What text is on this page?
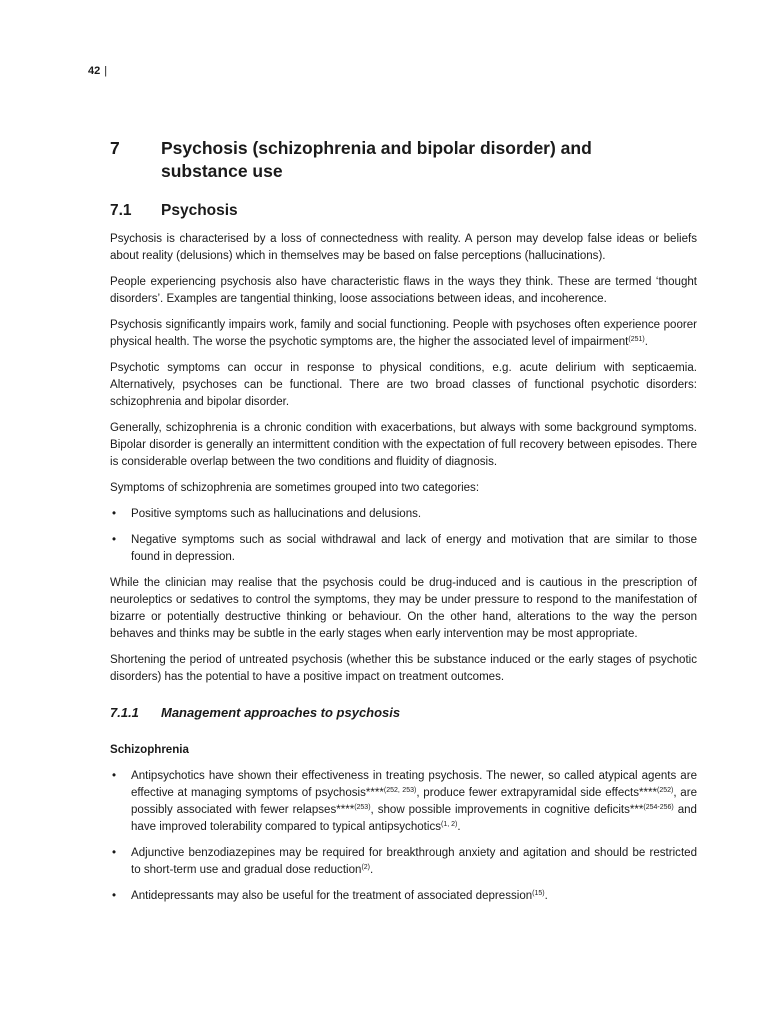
42 |
7 Psychosis (schizophrenia and bipolar disorder) and substance use
7.1 Psychosis

Psychosis is characterised by a loss of connectedness with reality. A person may develop false ideas or beliefs about reality (delusions) which in themselves may be based on false perceptions (hallucinations).

People experiencing psychosis also have characteristic flaws in the ways they think. These are termed ‘thought disorders’. Examples are tangential thinking, loose associations between ideas, and incoherence.

Psychosis significantly impairs work, family and social functioning. People with psychoses often experience poorer physical health. The worse the psychotic symptoms are, the higher the associated level of impairment$^{(251)}$.

Psychotic symptoms can occur in response to physical conditions, e.g. acute delirium with septicaemia. Alternatively, psychoses can be functional. There are two broad classes of functional psychotic disorders: schizophrenia and bipolar disorder.

Generally, schizophrenia is a chronic condition with exacerbations, but always with some background symptoms. Bipolar disorder is generally an intermittent condition with the expectation of full recovery between episodes. There is considerable overlap between the two conditions and fluidity of diagnosis.

Symptoms of schizophrenia are sometimes grouped into two categories:

• Positive symptoms such as hallucinations and delusions.

• Negative symptoms such as social withdrawal and lack of energy and motivation that are similar to those found in depression.

While the clinician may realise that the psychosis could be drug-induced and is cautious in the prescription of neuroleptics or sedatives to control the symptoms, they may be under pressure to respond to the manifestation of bizarre or potentially destructive thinking or behaviour. On the other hand, alterations to the way the person behaves and thinks may be subtle in the early stages when early intervention may be most appropriate.

Shortening the period of untreated psychosis (whether this be substance induced or the early stages of psychotic disorders) has the potential to have a positive impact on treatment outcomes.

7.1.1 Management approaches to psychosis
Schizophrenia

• Antipsychotics have shown their effectiveness in treating psychosis. The newer, so called atypical agents are effective at managing symptoms of psychosis****$^{(252, 253)}$, produce fewer extrapyramidal side effects****$^{(252)}$, are possibly associated with fewer relapses****$^{(253)}$, show possible improvements in cognitive deficits***$^{(254-256)}$ and have improved tolerability compared to typical antipsychotics$^{(1, 2)}$.

• Adjunctive benzodiazepines may be required for breakthrough anxiety and agitation and should be restricted to short-term use and gradual dose reduction$^{(2)}$.

• Antidepressants may also be useful for the treatment of associated depression$^{(15)}$.
